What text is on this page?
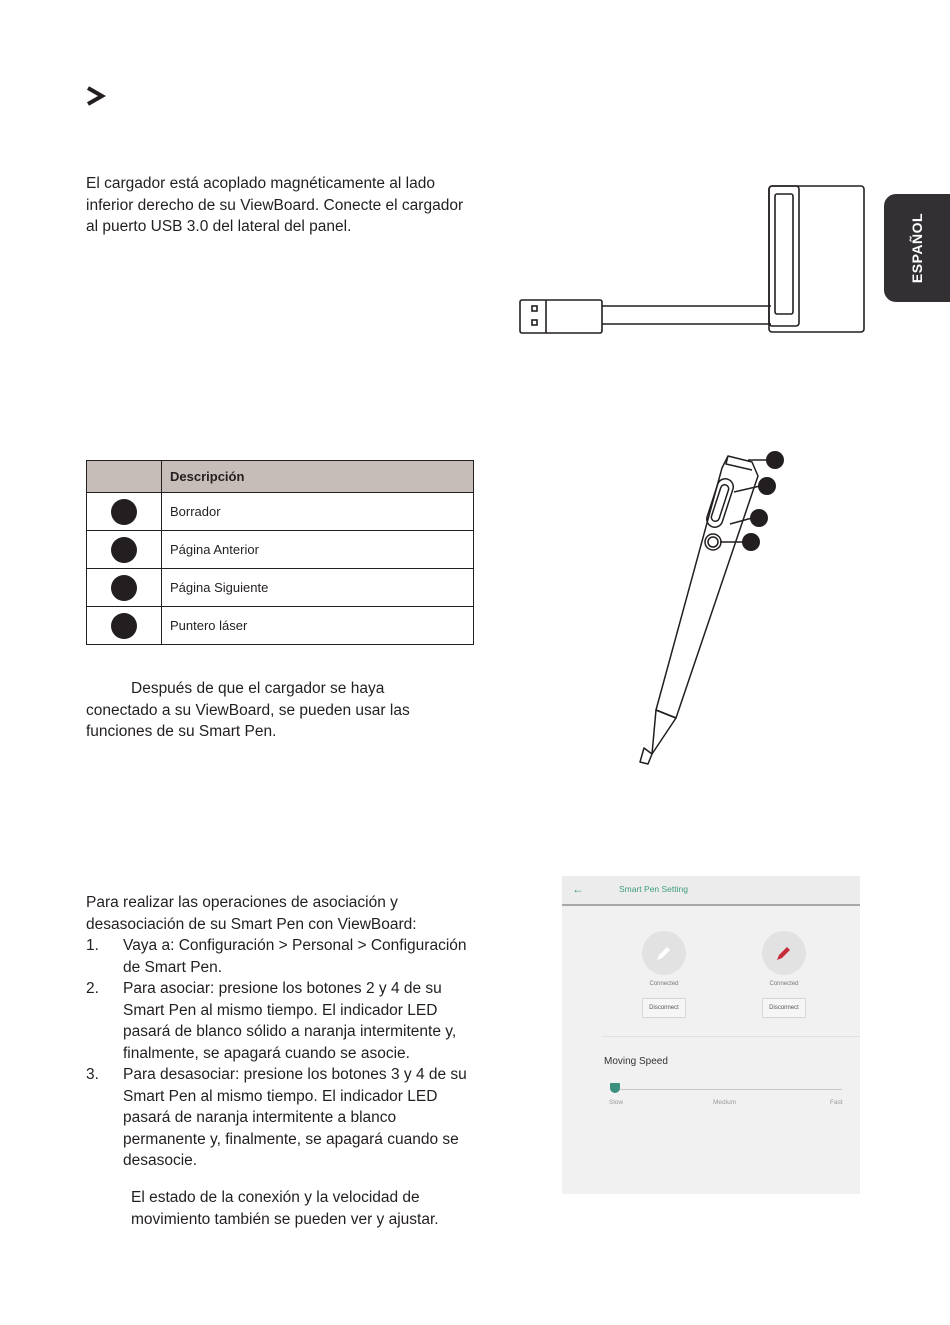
ESPAÑOL

El cargador está acoplado magnéticamente al lado inferior derecho de su ViewBoard. Conecte el cargador al puerto USB 3.0 del lateral del panel.

	Descripción
	Borrador
	Página Anterior
	Página Siguiente
	Puntero láser

Después de que el cargador se haya conectado a su ViewBoard, se pueden usar las funciones de su Smart Pen.

Para realizar las operaciones de asociación y desasociación de su Smart Pen con ViewBoard:

1. Vaya a: Configuración > Personal > Configuración de Smart Pen.
2. Para asociar: presione los botones 2 y 4 de su Smart Pen al mismo tiempo. El indicador LED pasará de blanco sólido a naranja intermitente y, finalmente, se apagará cuando se asocie.
3. Para desasociar: presione los botones 3 y 4 de su Smart Pen al mismo tiempo. El indicador LED pasará de naranja intermitente a blanco permanente y, finalmente, se apagará cuando se desasocie.

El estado de la conexión y la velocidad de movimiento también se pueden ver y ajustar.

←	Smart Pen Setting
Connected
Disconnect
Connected
Disconnect
Moving Speed
Slow	Medium	Fast
